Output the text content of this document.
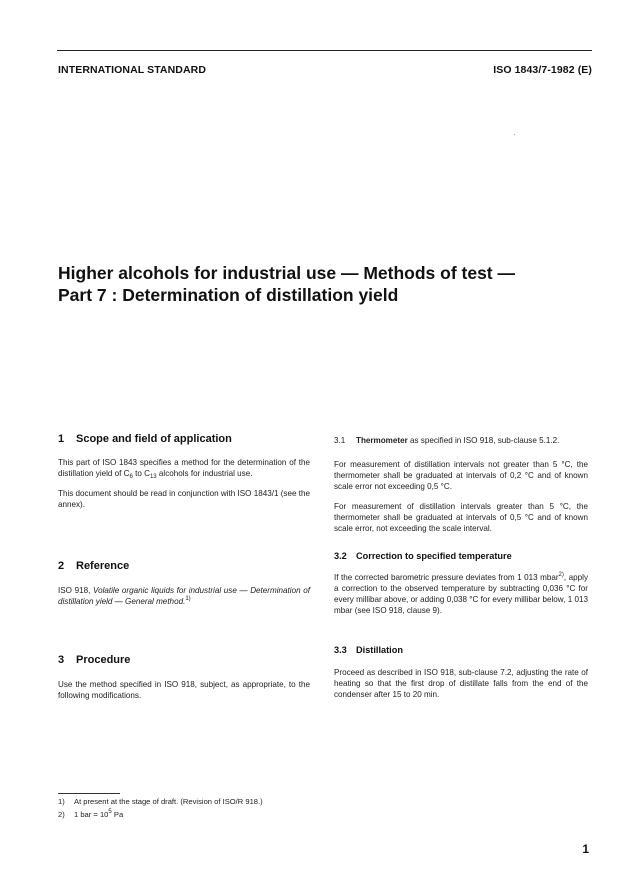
INTERNATIONAL STANDARD	ISO 1843/7-1982 (E)
Higher alcohols for industrial use — Methods of test —
Part 7 : Determination of distillation yield
1 Scope and field of application

This part of ISO 1843 specifies a method for the determination of the distillation yield of $C_6$ to $C_{13}$ alcohols for industrial use.

This document should be read in conjunction with ISO 1843/1 (see the annex).

2 Reference

ISO 918, Volatile organic liquids for industrial use — Determination of distillation yield — General method.$^{1)}$

3 Procedure

Use the method specified in ISO 918, subject, as appropriate, to the following modifications.

3.1 Thermometer as specified in ISO 918, sub-clause 5.1.2.

For measurement of distillation intervals not greater than 5 °C, the thermometer shall be graduated at intervals of 0,2 °C and of known scale error not exceeding 0,5 °C.

For measurement of distillation intervals greater than 5 °C, the thermometer shall be graduated at intervals of 0,5 °C and of known scale error, not exceeding the scale interval.

3.2 Correction to specified temperature

If the corrected barometric pressure deviates from 1 013 mbar$^{2)}$, apply a correction to the observed temperature by subtracting 0,036 °C for every millibar above, or adding 0,038 °C for every millibar below, 1 013 mbar (see ISO 918, clause 9).

3.3 Distillation

Proceed as described in ISO 918, sub-clause 7.2, adjusting the rate of heating so that the first drop of distillate falls from the end of the condenser after 15 to 20 min.

1) At present at the stage of draft. (Revision of ISO/R 918.)
2) 1 bar = $10^5$ Pa
1
